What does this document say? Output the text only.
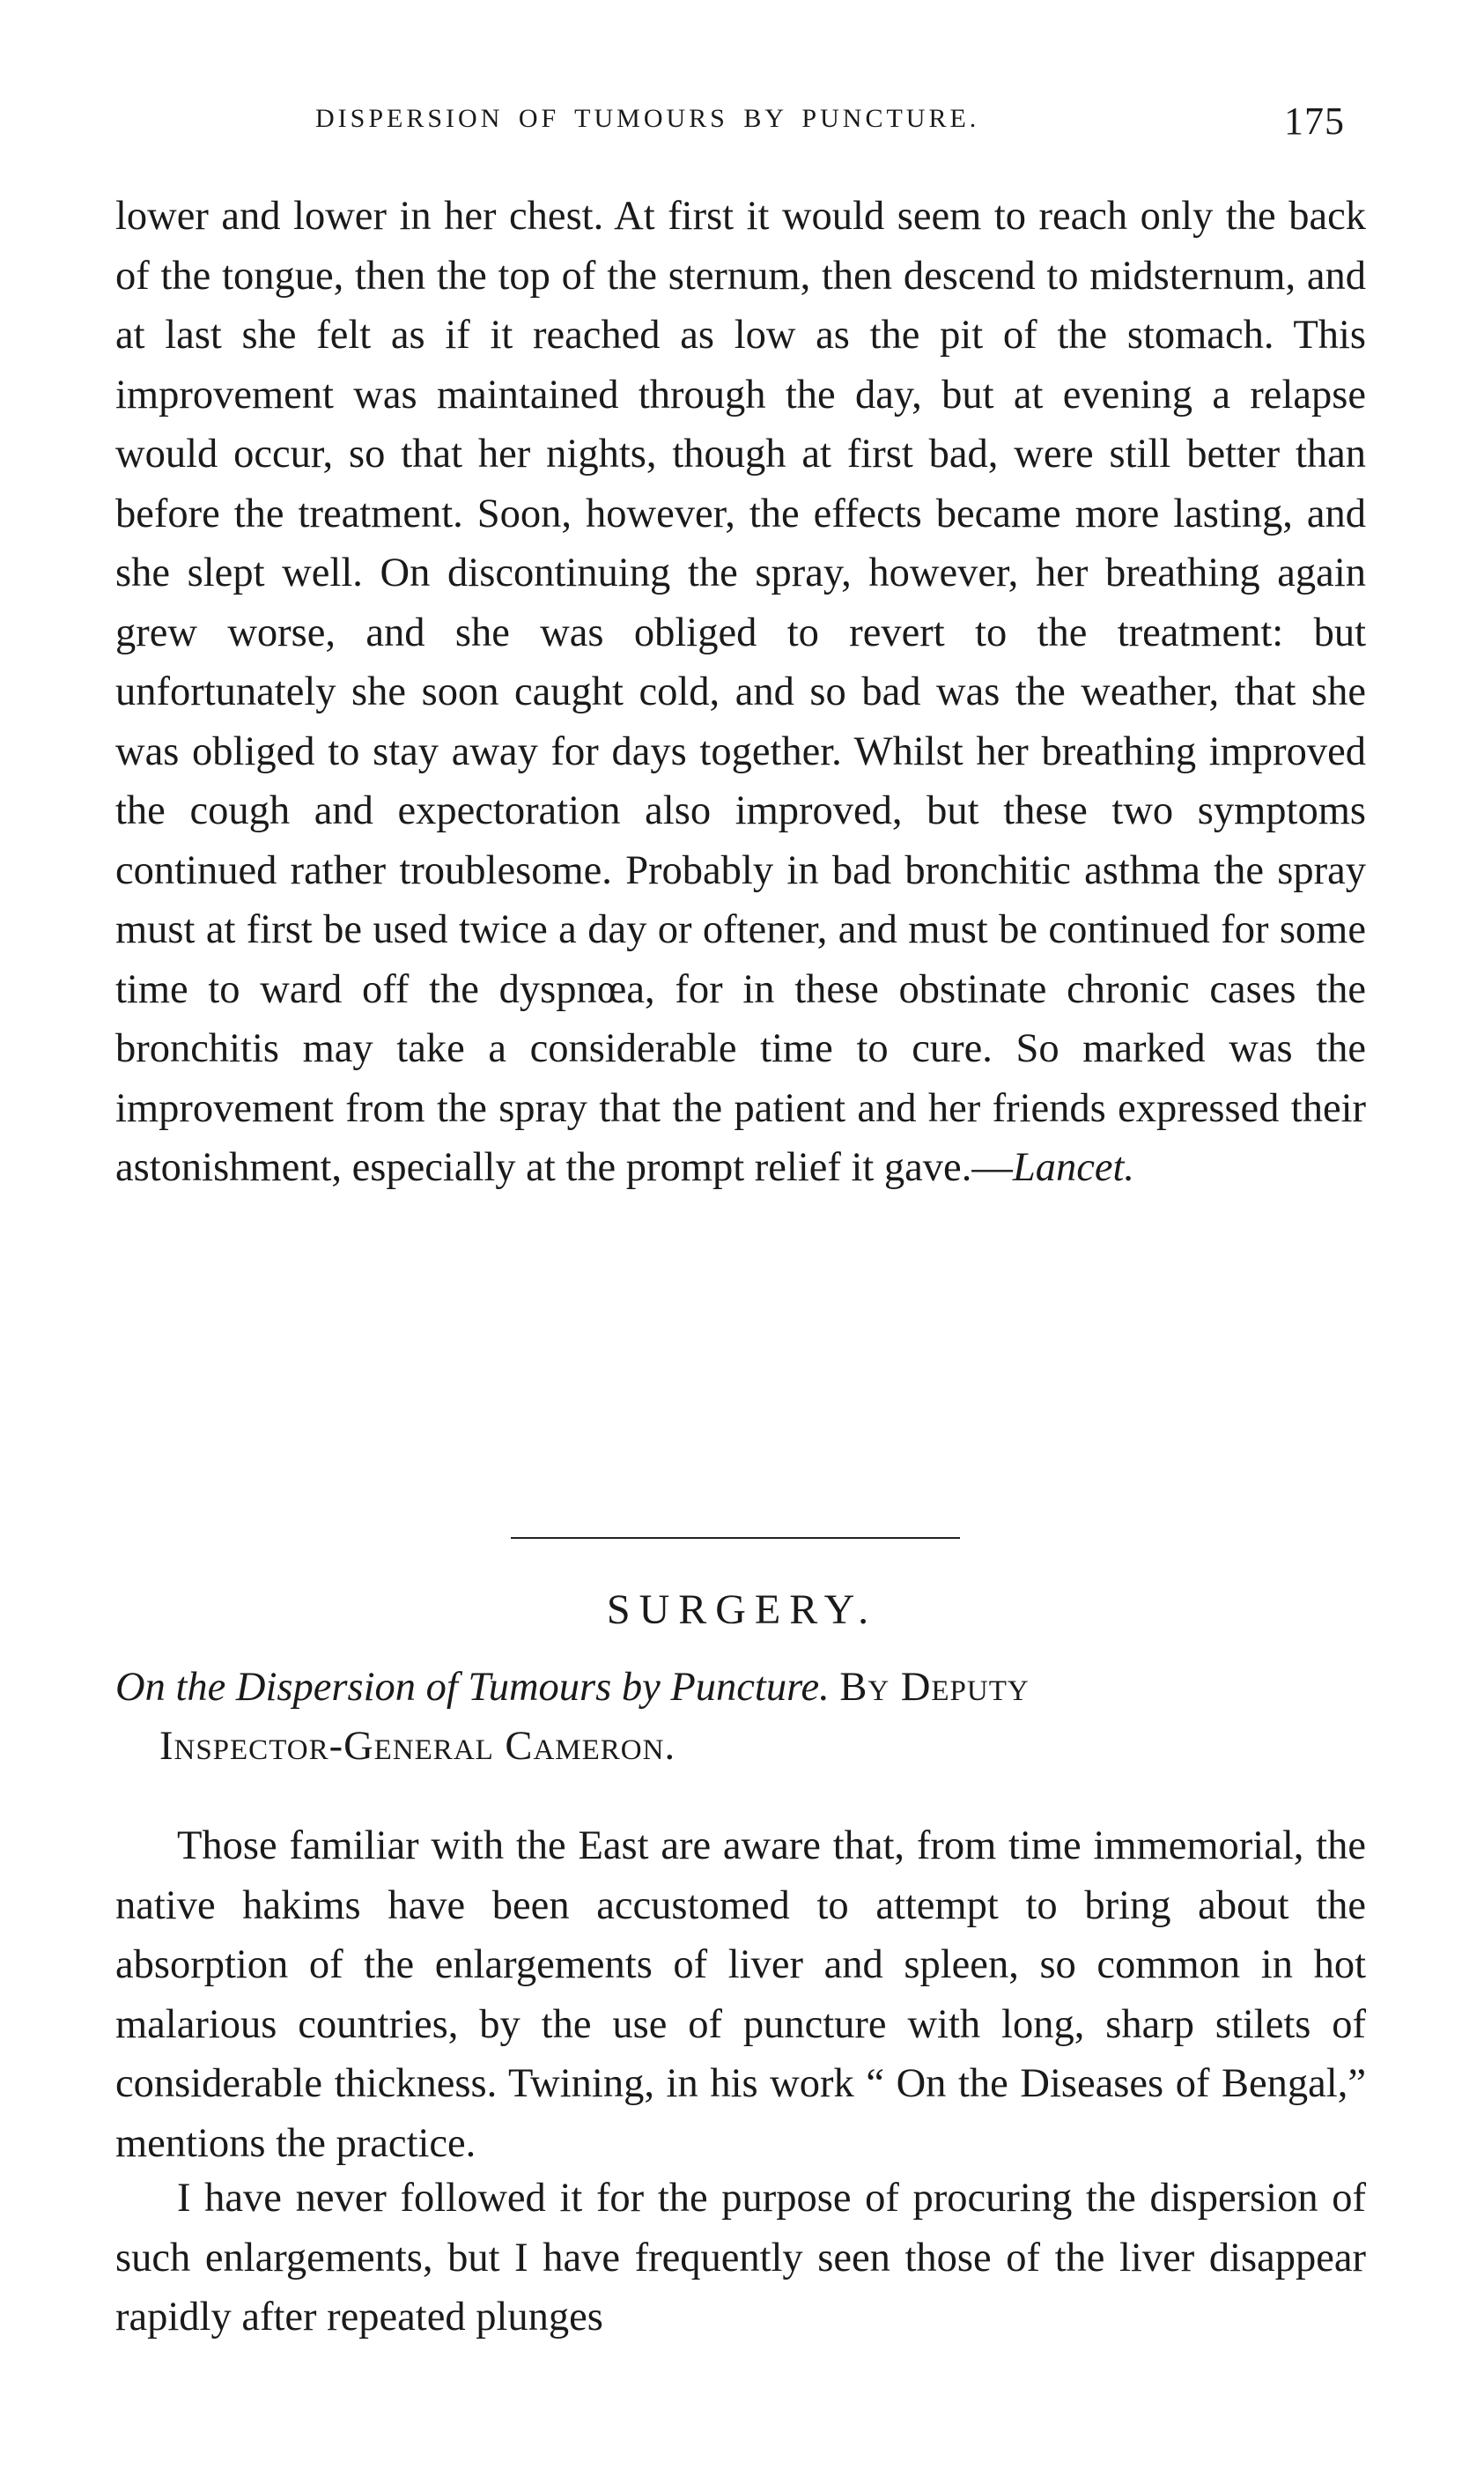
DISPERSION OF TUMOURS BY PUNCTURE.	175

lower and lower in her chest. At first it would seem to reach only the back of the tongue, then the top of the sternum, then descend to midsternum, and at last she felt as if it reached as low as the pit of the stomach. This improvement was maintained through the day, but at evening a relapse would occur, so that her nights, though at first bad, were still better than before the treatment. Soon, however, the effects became more lasting, and she slept well. On discontinuing the spray, however, her breathing again grew worse, and she was obliged to revert to the treatment: but unfortunately she soon caught cold, and so bad was the weather, that she was obliged to stay away for days together. Whilst her breathing improved the cough and expectoration also improved, but these two symptoms continued rather troublesome. Probably in bad bronchitic asthma the spray must at first be used twice a day or oftener, and must be continued for some time to ward off the dyspnœa, for in these obstinate chronic cases the bronchitis may take a considerable time to cure. So marked was the improvement from the spray that the patient and her friends expressed their astonishment, especially at the prompt relief it gave.—Lancet.

SURGERY.

On the Dispersion of Tumours by Puncture. By Deputy
Inspector-General Cameron.

Those familiar with the East are aware that, from time immemorial, the native hakims have been accustomed to attempt to bring about the absorption of the enlargements of liver and spleen, so common in hot malarious countries, by the use of puncture with long, sharp stilets of considerable thickness. Twining, in his work “ On the Diseases of Bengal,” mentions the practice.

I have never followed it for the purpose of procuring the dispersion of such enlargements, but I have frequently seen those of the liver disappear rapidly after repeated plunges
